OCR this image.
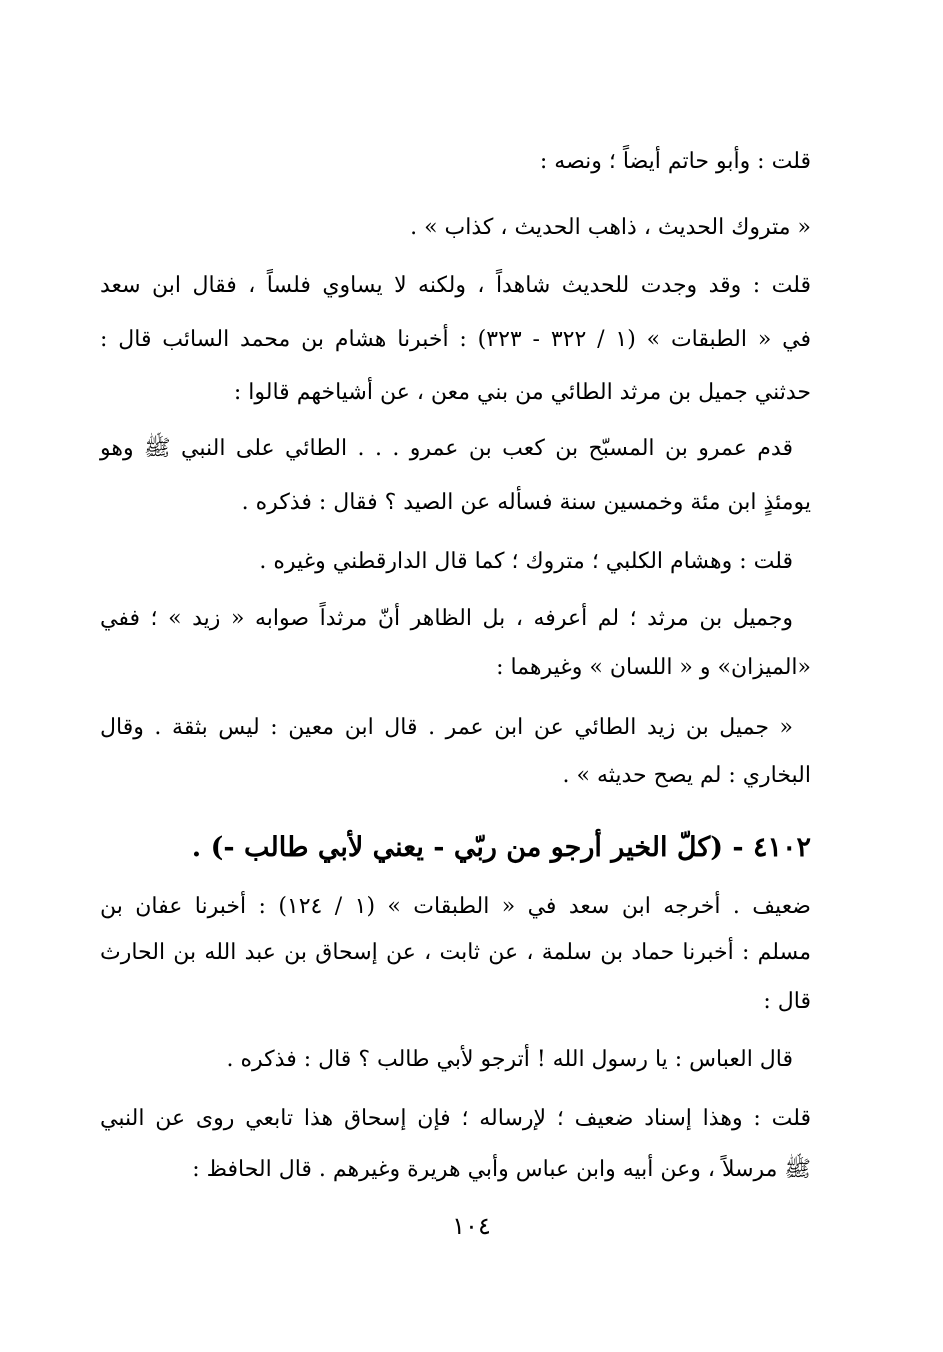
قلت : وأبو حاتم أيضاً ؛ ونصه :
« متروك الحديث ، ذاهب الحديث ، كذاب » .
قلت : وقد وجدت للحديث شاهداً ، ولكنه لا يساوي فلساً ، فقال ابن سعد
في « الطبقات » (١ / ٣٢٢ - ٣٢٣) : أخبرنا هشام بن محمد السائب قال :
حدثني جميل بن مرثد الطائي من بني معن ، عن أشياخهم قالوا :
قدم عمرو بن المسبّح بن كعب بن عمرو . . . الطائي على النبي ﷺ وهو
يومئذٍ ابن مئة وخمسين سنة فسأله عن الصيد ؟ فقال : فذكره .
قلت : وهشام الكلبي ؛ متروك ؛ كما قال الدارقطني وغيره .
وجميل بن مرثد ؛ لم أعرفه ، بل الظاهر أنّ مرثداً صوابه « زيد » ؛ ففي
«الميزان» و « اللسان » وغيرهما :
« جميل بن زيد الطائي عن ابن عمر . قال ابن معين : ليس بثقة . وقال
البخاري : لم يصح حديثه » .
٤١٠٢ - (كلّ الخير أرجو من ربّي - يعني لأبي طالب -) .
ضعيف . أخرجه ابن سعد في « الطبقات » (١ / ١٢٤) : أخبرنا عفان بن
مسلم : أخبرنا حماد بن سلمة ، عن ثابت ، عن إسحاق بن عبد الله بن الحارث
قال :
قال العباس : يا رسول الله ! أترجو لأبي طالب ؟ قال : فذكره .
قلت : وهذا إسناد ضعيف ؛ لإرساله ؛ فإن إسحاق هذا تابعي روى عن النبي
ﷺ مرسلاً ، وعن أبيه وابن عباس وأبي هريرة وغيرهم . قال الحافظ :
١٠٤
